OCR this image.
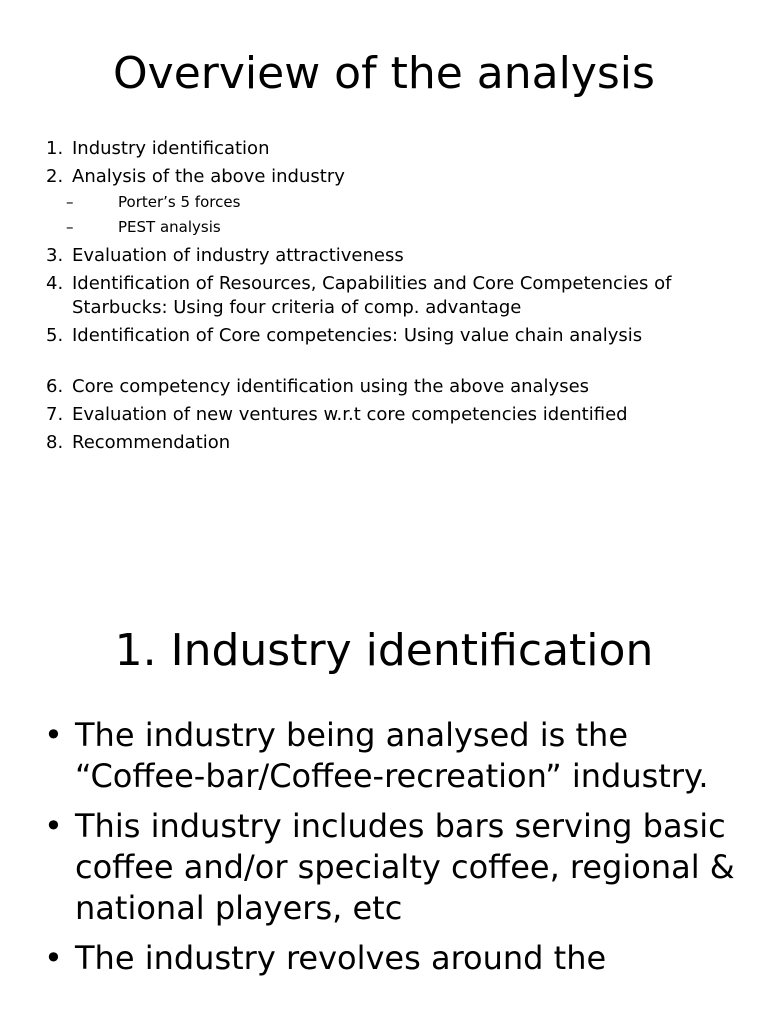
Overview of the analysis
1. Industry identification
2. Analysis of the above industry
–	Porter’s 5 forces
–	PEST analysis
3. Evaluation of industry attractiveness
4. Identification of Resources, Capabilities and Core Competencies of Starbucks: Using four criteria of comp. advantage
5. Identification of Core competencies: Using value chain analysis
6. Core competency identification using the above analyses
7. Evaluation of new ventures w.r.t core competencies identified
8. Recommendation
1. Industry identification
• The industry being analysed is the “Coffee-bar/Coffee-recreation” industry.
• This industry includes bars serving basic coffee and/or specialty coffee, regional & national players, etc
• The industry revolves around the
